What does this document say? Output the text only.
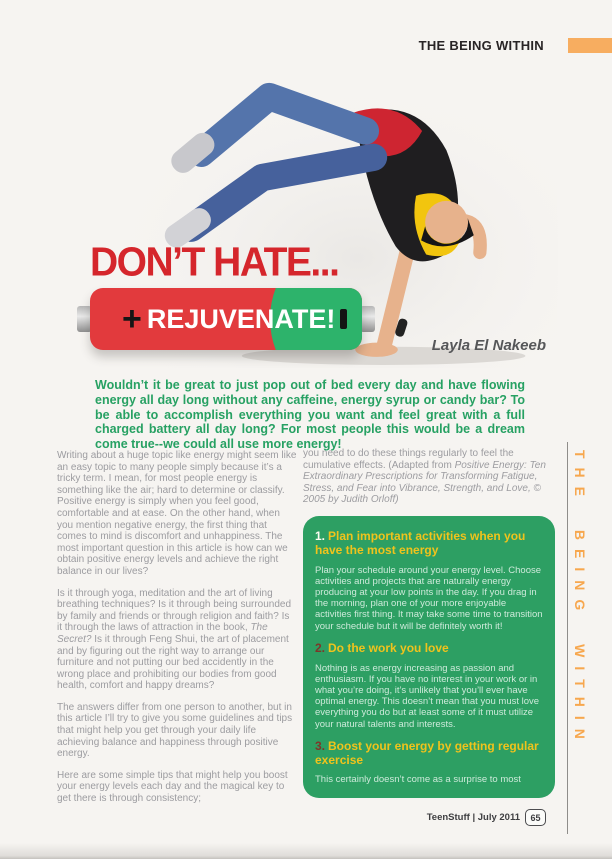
THE BEING WITHIN
DON’T HATE...
+ REJUVENATE!
Layla El Nakeeb
Wouldn’t it be great to just pop out of bed every day and have flowing energy all day long without any caffeine, energy syrup or candy bar? To be able to accomplish everything you want and feel great with a full charged battery all day long? For most people this would be a dream come true--we could all use more energy!

Writing about a huge topic like energy might seem like an easy topic to many people simply because it’s a tricky term. I mean, for most people energy is something like the air; hard to determine or classify. Positive energy is simply when you feel good, comfortable and at ease. On the other hand, when you mention negative energy, the first thing that comes to mind is discomfort and unhappiness. The most important question in this article is how can we obtain positive energy levels and achieve the right balance in our lives?

Is it through yoga, meditation and the art of living breathing techniques? Is it through being surrounded by family and friends or through religion and faith? Is it through the laws of attraction in the book, The Secret? Is it through Feng Shui, the art of placement and by figuring out the right way to arrange our furniture and not putting our bed accidently in the wrong place and prohibiting our bodies from good health, comfort and happy dreams?

The answers differ from one person to another, but in this article I’ll try to give you some guidelines and tips that might help you get through your daily life achieving balance and happiness through positive energy.

Here are some simple tips that might help you boost your energy levels each day and the magical key to get there is through consistency;

you need to do these things regularly to feel the cumulative effects. (Adapted from Positive Energy: Ten Extraordinary Prescriptions for Transforming Fatigue, Stress, and Fear into Vibrance, Strength, and Love, © 2005 by Judith Orloff)

1. Plan important activities when you have the most energy

Plan your schedule around your energy level. Choose activities and projects that are naturally energy producing at your low points in the day. If you drag in the morning, plan one of your more enjoyable activities first thing. It may take some time to transition your schedule but it will be definitely worth it!

2. Do the work you love

Nothing is as energy increasing as passion and enthusiasm. If you have no interest in your work or in what you’re doing, it’s unlikely that you’ll ever have optimal energy. This doesn’t mean that you must love everything you do but at least some of it must utilize your natural talents and interests.

3. Boost your energy by getting regular exercise

This certainly doesn’t come as a surprise to most

THE BEING WITHIN
TeenStuff | July 2011	65
